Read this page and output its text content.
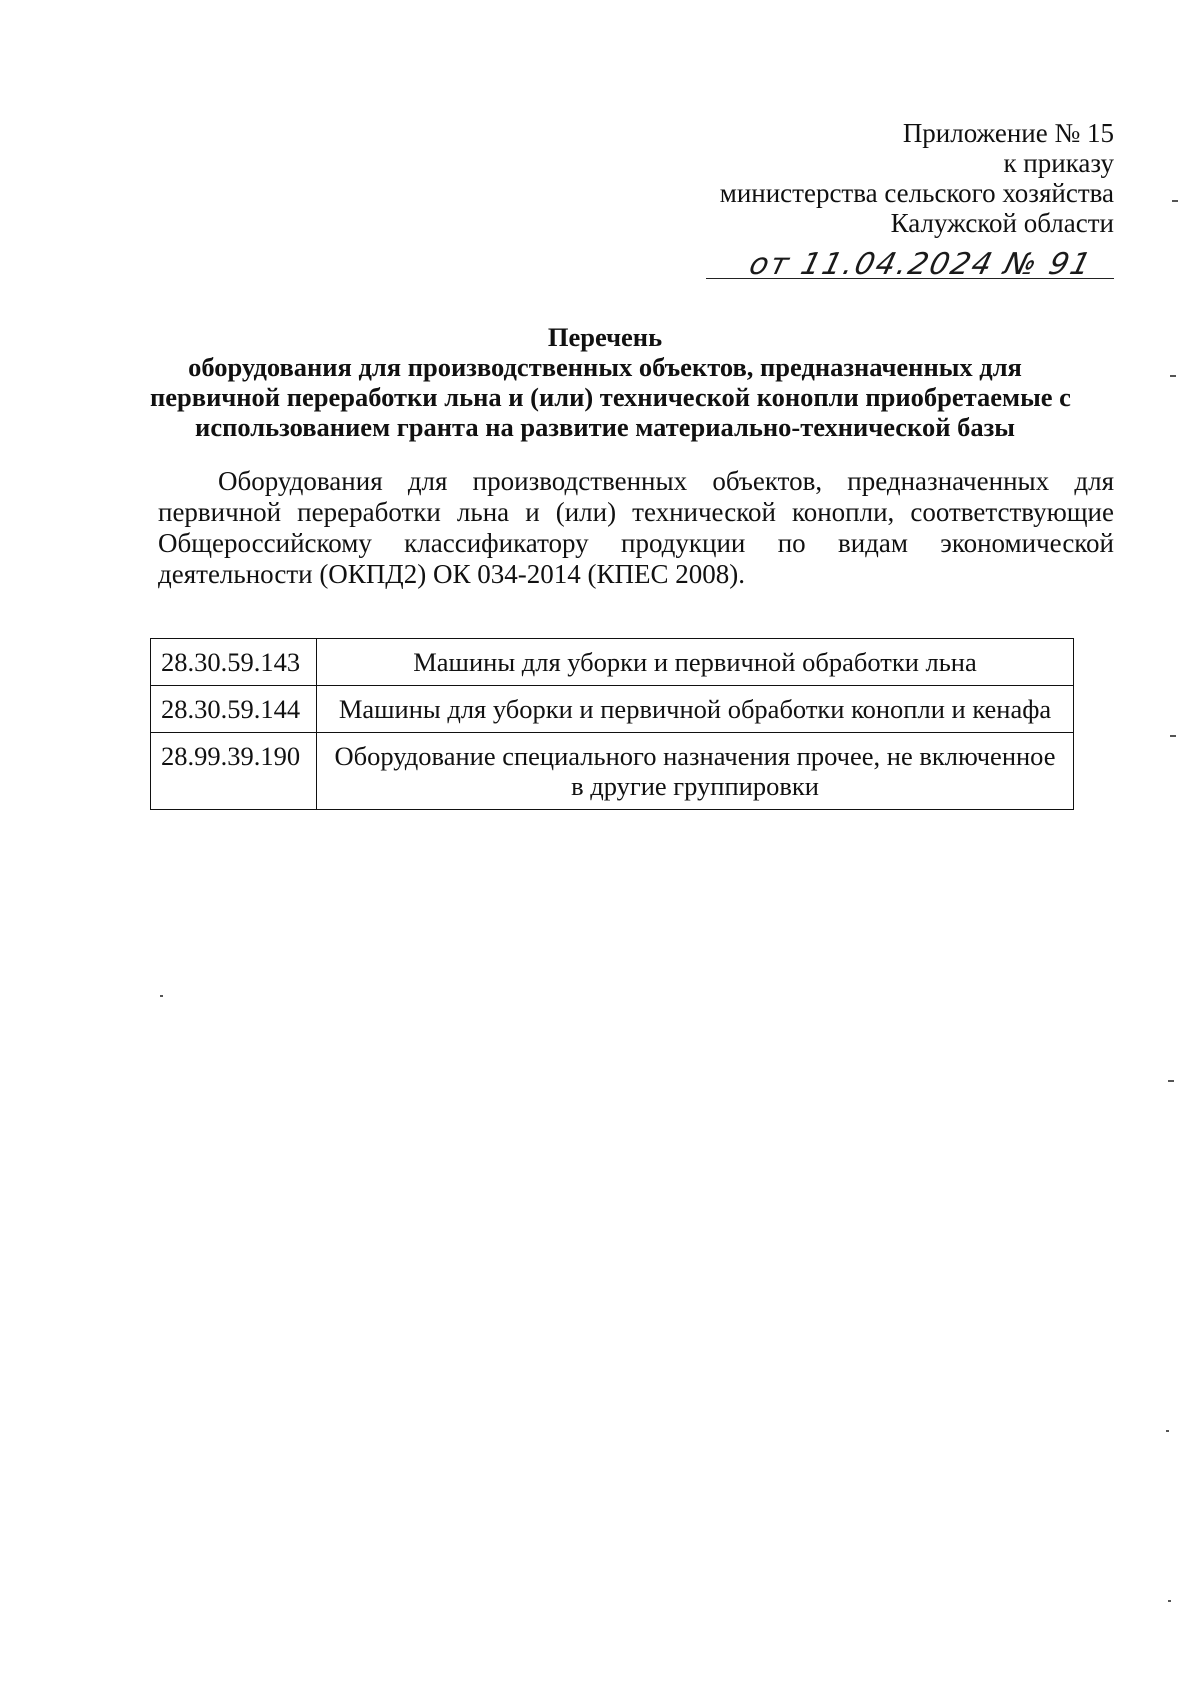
Приложение № 15
к приказу
министерства сельского хозяйства
Калужской области
от 11.04.2024 № 91
Перечень
оборудования для производственных объектов, предназначенных для
первичной переработки льна и (или) технической конопли приобретаемые с
использованием гранта на развитие материально-технической базы
Оборудования для производственных объектов, предназначенных для первичной переработки льна и (или) технической конопли, соответствующие Общероссийскому классификатору продукции по видам экономической деятельности (ОКПД2) ОК 034-2014 (КПЕС 2008).
28.30.59.143	Машины для уборки и первичной обработки льна
28.30.59.144	Машины для уборки и первичной обработки конопли и кенафа
28.99.39.190	Оборудование специального назначения прочее, не включенное в другие группировки
